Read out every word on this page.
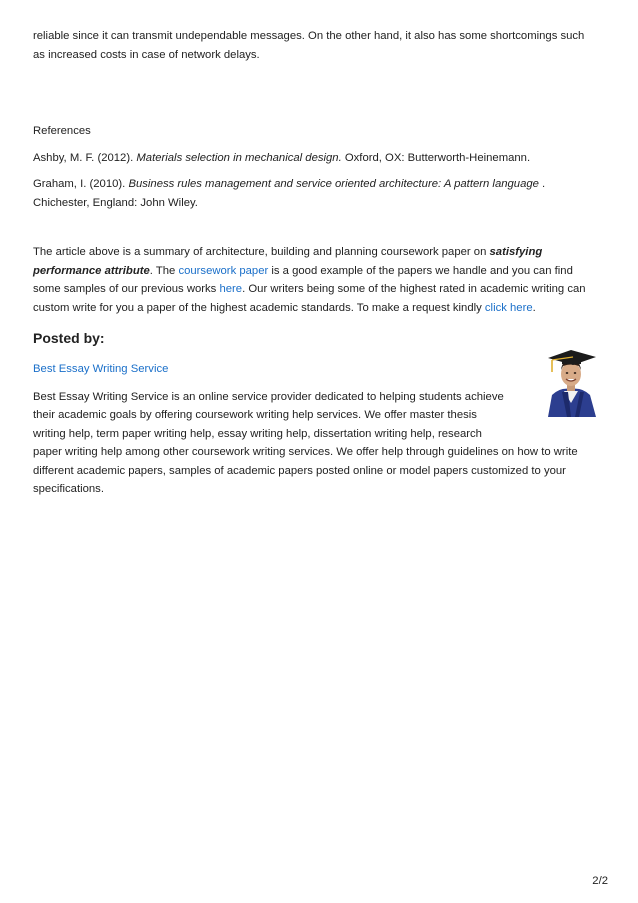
reliable since it can transmit undependable messages. On the other hand, it also has some shortcomings such
as increased costs in case of network delays.

References

Ashby, M. F. (2012). Materials selection in mechanical design. Oxford, OX: Butterworth-Heinemann.

Graham, I. (2010). Business rules management and service oriented architecture: A pattern language .
Chichester, England: John Wiley.

The article above is a summary of architecture, building and planning coursework paper on satisfying
performance attribute. The coursework paper is a good example of the papers we handle and you can find
some samples of our previous works here. Our writers being some of the highest rated in academic writing can
custom write for you a paper of the highest academic standards. To make a request kindly click here.

Posted by:

Best Essay Writing Service

Best Essay Writing Service is an online service provider dedicated to helping students achieve
their academic goals by offering coursework writing help services. We offer master thesis
writing help, term paper writing help, essay writing help, dissertation writing help, research
paper writing help among other coursework writing services. We offer help through guidelines on how to write
different academic papers, samples of academic papers posted online or model papers customized to your
specifications.

2/2
